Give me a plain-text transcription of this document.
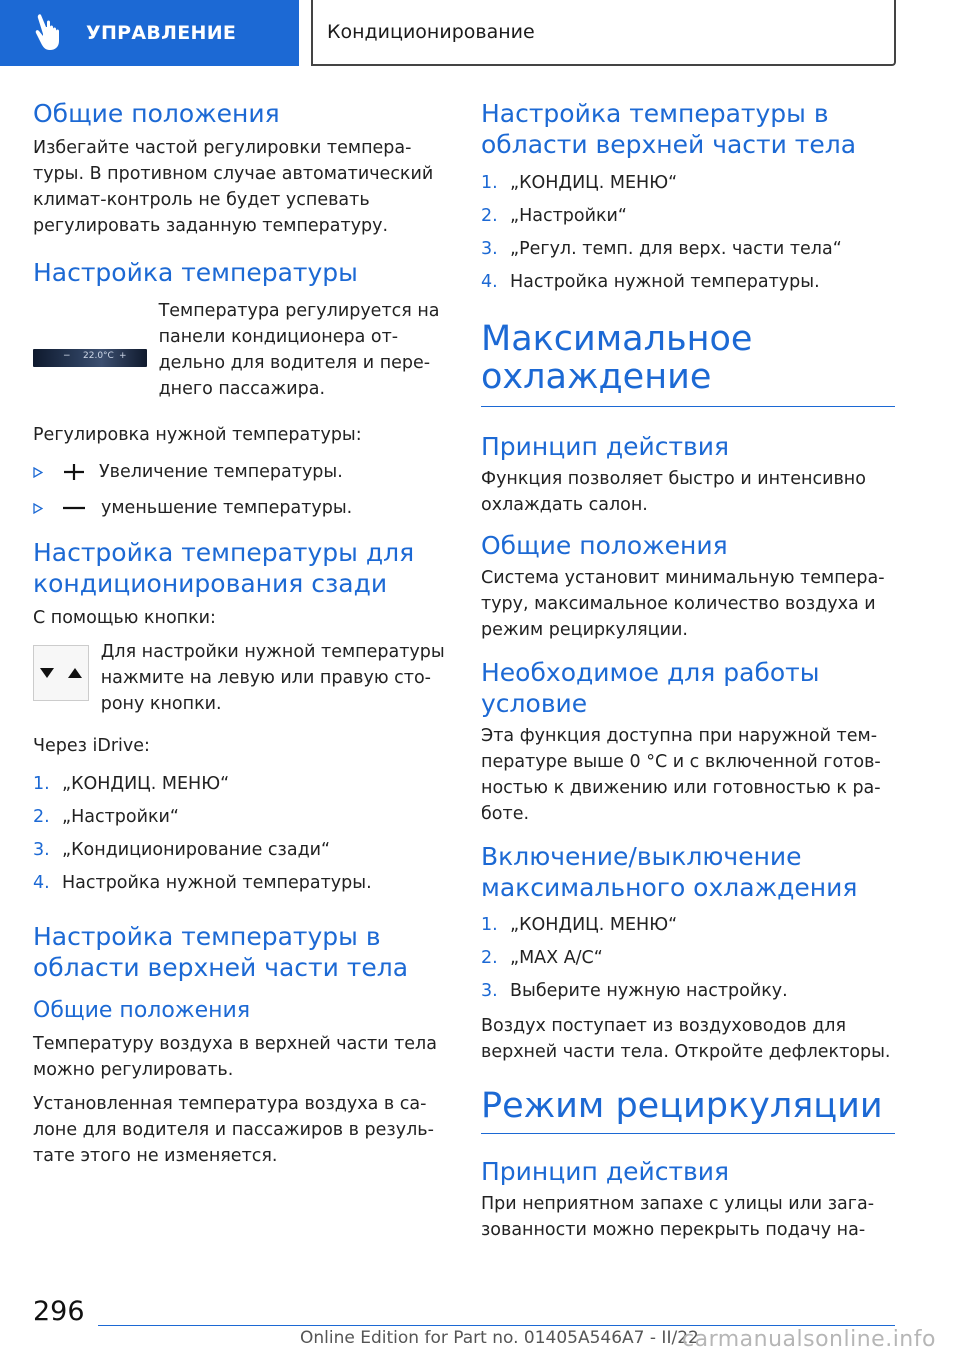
УПРАВЛЕНИЕ	Кондиционирование
Общие положения
Избегайте частой регулировки температуры. В противном случае автоматический климат-контроль не будет успевать регулировать заданную температуру.
Настройка температуры
− 22.0°C +
Температура регулируется на панели кондиционера отдельно для водителя и переднего пассажира.
Регулировка нужной температуры:
Увеличение температуры.
уменьшение температуры.
Настройка температуры для кондиционирования сзади
С помощью кнопки:
Для настройки нужной температуры нажмите на левую или правую сторону кнопки.
Через iDrive:
1. „КОНДИЦ. МЕНЮ“
2. „Настройки“
3. „Кондиционирование сзади“
4. Настройка нужной температуры.
Настройка температуры в области верхней части тела
Общие положения
Температуру воздуха в верхней части тела можно регулировать.
Установленная температура воздуха в салоне для водителя и пассажиров в результате этого не изменяется.
Настройка температуры в области верхней части тела
1. „КОНДИЦ. МЕНЮ“
2. „Настройки“
3. „Регул. темп. для верх. части тела“
4. Настройка нужной температуры.
Максимальное охлаждение
Принцип действия
Функция позволяет быстро и интенсивно охлаждать салон.
Общие положения
Система установит минимальную температуру, максимальное количество воздуха и режим рециркуляции.
Необходимое для работы условие
Эта функция доступна при наружной температуре выше 0 °C и с включенной готовностью к движению или готовностью к работе.
Включение/выключение максимального охлаждения
1. „КОНДИЦ. МЕНЮ“
2. „MAX A/C“
3. Выберите нужную настройку.
Воздух поступает из воздуховодов для верхней части тела. Откройте дефлекторы.
Режим рециркуляции
Принцип действия
При неприятном запахе с улицы или загазованности можно перекрыть подачу на-
296
Online Edition for Part no. 01405A546A7 - II/22
carmanualsonline.info
